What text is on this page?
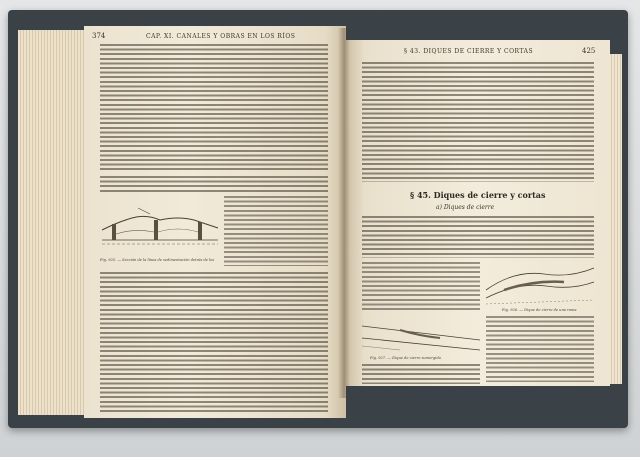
374	CAP. XI. CANALES Y OBRAS EN LOS RÍOS
Fig. 925. — Sección de la línea de sedimentación detrás de los
§ 43. DIQUES DE CIERRE Y CORTAS	425
§ 45. Diques de cierre y cortas
a) Diques de cierre
Fig. 926. — Dique de cierre de una rama
Fig. 927. — Dique de cierre sumergido
